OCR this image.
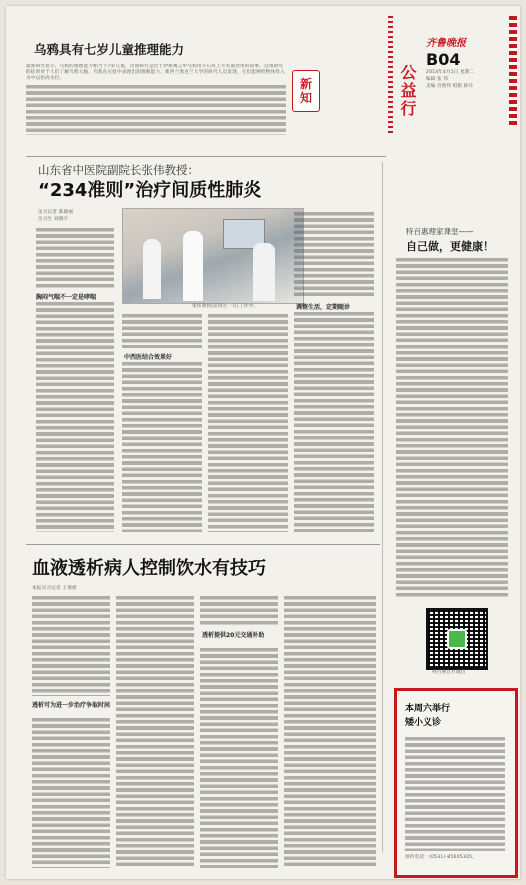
乌鸦具有七岁儿童推理能力
最新研究显示，乌鸦的推理能力相当于7岁儿童，这项研究是位于伊索寓言中乌鸦用小石块上升水面饮用的故事。这项研究的结果对于人们了解乌鸦大脑、乌鸦在实验中表现出的理解能力。新西兰奥克兰大学的研究人员发现，它们能够把物体投入水中以抬高水位。	新
知	公益行
齐鲁晚报
B04
2014年4月1日 星期二
编辑 张 伟
美编 宫照邦 组版 韩丹
山东省中医院副院长张伟教授：
“234准则”治疗间质性肺炎
见习记者 陈晓丽
实习生 刘晓宇
张伟教授(前排左一)在工作中。
胸闷气喘不一定是哮喘
中西医结合效果好
调整生活，定期随诊
特百惠理家课堂——
自己做，更健康！
特百惠官方微信
血液透析病人控制饮水有技巧
本报见习记者 王倩倩
透析可为进一步治疗争取时间
透析提供20元交通补助
本周六举行
矮小义诊
预约电话：(0531)-85605305。
